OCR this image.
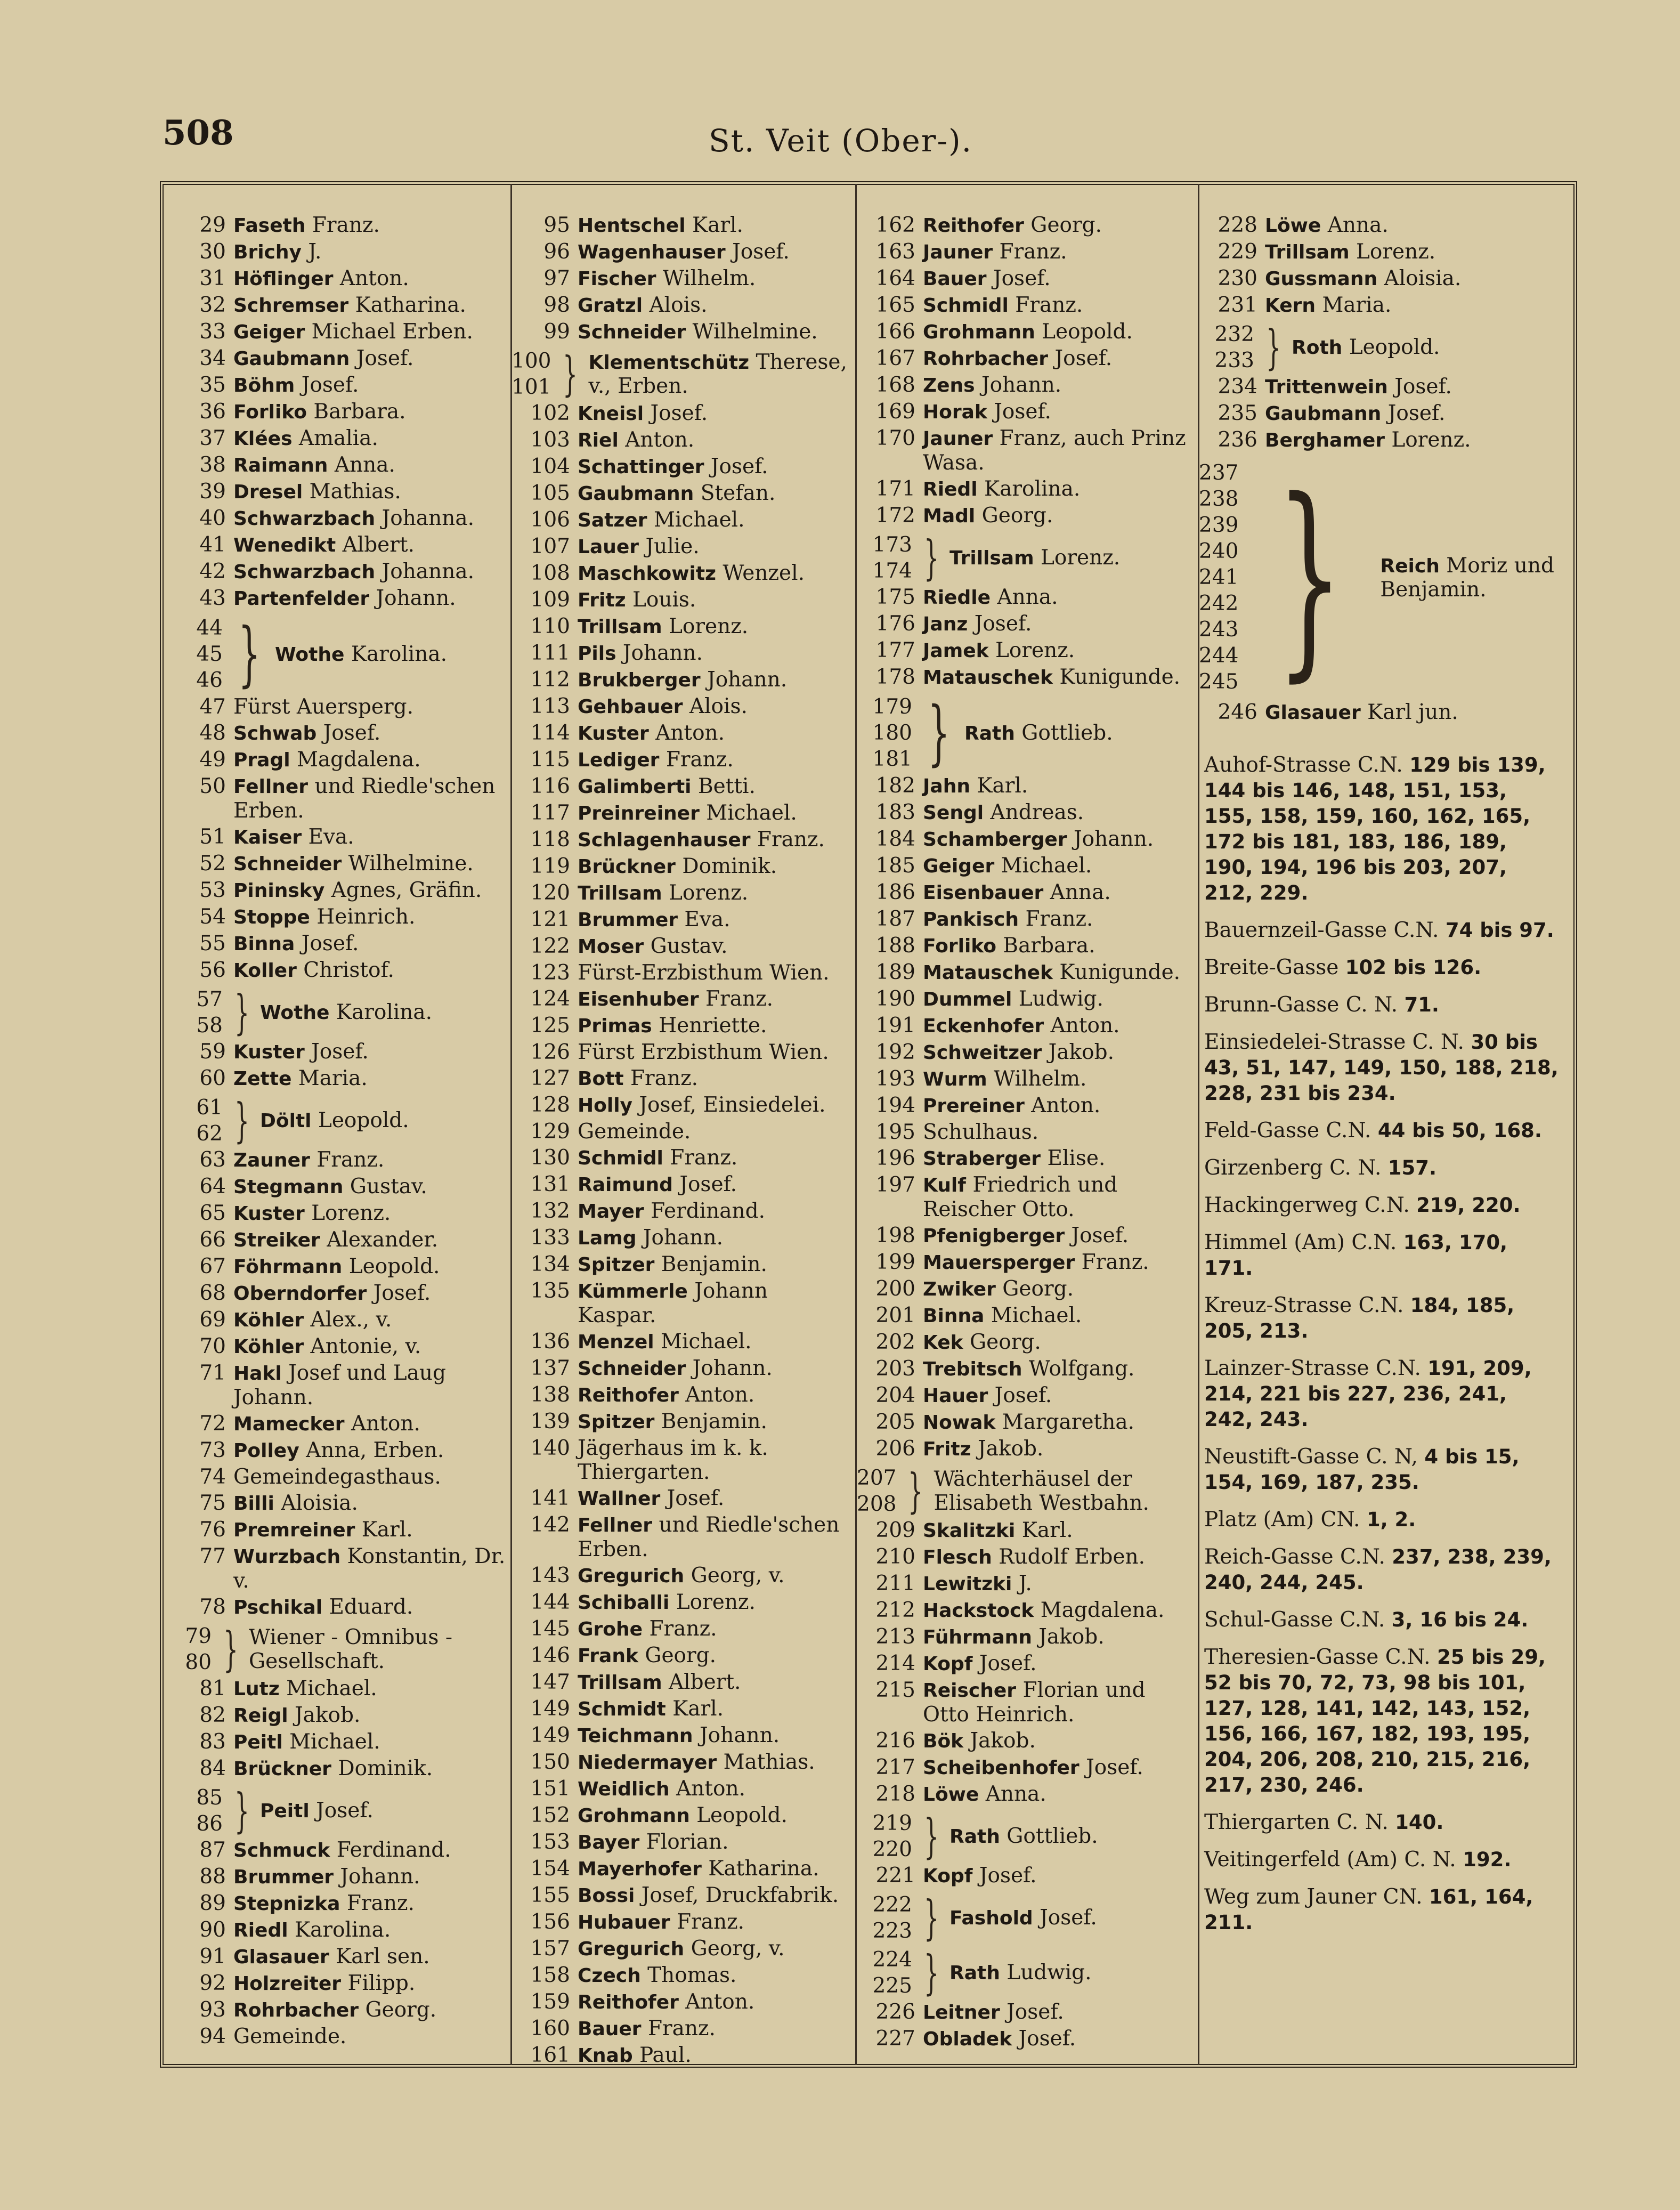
508	St. Veit (Ober-).
29 Faseth Franz.
30 Brichy J.
31 Höflinger Anton.
32 Schremser Katharina.
33 Geiger Michael Erben.
34 Gaubmann Josef.
35 Böhm Josef.
36 Forliko Barbara.
37 Klées Amalia.
38 Raimann Anna.
39 Dresel Mathias.
40 Schwarzbach Johanna.
41 Wenedikt Albert.
42 Schwarzbach Johanna.
43 Partenfelder Johann.
44
45
46 } Wothe Karolina.
47 Fürst Auersperg.
48 Schwab Josef.
49 Pragl Magdalena.
50 Fellner und Riedle'schen Erben.
51 Kaiser Eva.
52 Schneider Wilhelmine.
53 Pininsky Agnes, Gräfin.
54 Stoppe Heinrich.
55 Binna Josef.
56 Koller Christof.
57
58 } Wothe Karolina.
59 Kuster Josef.
60 Zette Maria.
61
62 } Döltl Leopold.
63 Zauner Franz.
64 Stegmann Gustav.
65 Kuster Lorenz.
66 Streiker Alexander.
67 Föhrmann Leopold.
68 Oberndorfer Josef.
69 Köhler Alex., v.
70 Köhler Antonie, v.
71 Hakl Josef und Laug Johann.
72 Mamecker Anton.
73 Polley Anna, Erben.
74 Gemeindegasthaus.
75 Billi Aloisia.
76 Premreiner Karl.
77 Wurzbach Konstantin, Dr. v.
78 Pschikal Eduard.
79
80 } Wiener - Omnibus - Gesellschaft.
81 Lutz Michael.
82 Reigl Jakob.
83 Peitl Michael.
84 Brückner Dominik.
85
86 } Peitl Josef.
87 Schmuck Ferdinand.
88 Brummer Johann.
89 Stepnizka Franz.
90 Riedl Karolina.
91 Glasauer Karl sen.
92 Holzreiter Filipp.
93 Rohrbacher Georg.
94 Gemeinde.
95 Hentschel Karl.
96 Wagenhauser Josef.
97 Fischer Wilhelm.
98 Gratzl Alois.
99 Schneider Wilhelmine.
100
101 } Klementschütz Therese, v., Erben.
102 Kneisl Josef.
103 Riel Anton.
104 Schattinger Josef.
105 Gaubmann Stefan.
106 Satzer Michael.
107 Lauer Julie.
108 Maschkowitz Wenzel.
109 Fritz Louis.
110 Trillsam Lorenz.
111 Pils Johann.
112 Brukberger Johann.
113 Gehbauer Alois.
114 Kuster Anton.
115 Lediger Franz.
116 Galimberti Betti.
117 Preinreiner Michael.
118 Schlagenhauser Franz.
119 Brückner Dominik.
120 Trillsam Lorenz.
121 Brummer Eva.
122 Moser Gustav.
123 Fürst-Erzbisthum Wien.
124 Eisenhuber Franz.
125 Primas Henriette.
126 Fürst Erzbisthum Wien.
127 Bott Franz.
128 Holly Josef, Einsiedelei.
129 Gemeinde.
130 Schmidl Franz.
131 Raimund Josef.
132 Mayer Ferdinand.
133 Lamg Johann.
134 Spitzer Benjamin.
135 Kümmerle Johann Kaspar.
136 Menzel Michael.
137 Schneider Johann.
138 Reithofer Anton.
139 Spitzer Benjamin.
140 Jägerhaus im k. k. Thiergarten.
141 Wallner Josef.
142 Fellner und Riedle'schen Erben.
143 Gregurich Georg, v.
144 Schiballi Lorenz.
145 Grohe Franz.
146 Frank Georg.
147 Trillsam Albert.
149 Schmidt Karl.
149 Teichmann Johann.
150 Niedermayer Mathias.
151 Weidlich Anton.
152 Grohmann Leopold.
153 Bayer Florian.
154 Mayerhofer Katharina.
155 Bossi Josef, Druckfabrik.
156 Hubauer Franz.
157 Gregurich Georg, v.
158 Czech Thomas.
159 Reithofer Anton.
160 Bauer Franz.
161 Knab Paul.
162 Reithofer Georg.
163 Jauner Franz.
164 Bauer Josef.
165 Schmidl Franz.
166 Grohmann Leopold.
167 Rohrbacher Josef.
168 Zens Johann.
169 Horak Josef.
170 Jauner Franz, auch Prinz Wasa.
171 Riedl Karolina.
172 Madl Georg.
173
174 } Trillsam Lorenz.
175 Riedle Anna.
176 Janz Josef.
177 Jamek Lorenz.
178 Matauschek Kunigunde.
179
180
181 } Rath Gottlieb.
182 Jahn Karl.
183 Sengl Andreas.
184 Schamberger Johann.
185 Geiger Michael.
186 Eisenbauer Anna.
187 Pankisch Franz.
188 Forliko Barbara.
189 Matauschek Kunigunde.
190 Dummel Ludwig.
191 Eckenhofer Anton.
192 Schweitzer Jakob.
193 Wurm Wilhelm.
194 Prereiner Anton.
195 Schulhaus.
196 Straberger Elise.
197 Kulf Friedrich und Reischer Otto.
198 Pfenigberger Josef.
199 Mauersperger Franz.
200 Zwiker Georg.
201 Binna Michael.
202 Kek Georg.
203 Trebitsch Wolfgang.
204 Hauer Josef.
205 Nowak Margaretha.
206 Fritz Jakob.
207
208 } Wächterhäusel der Elisabeth Westbahn.
209 Skalitzki Karl.
210 Flesch Rudolf Erben.
211 Lewitzki J.
212 Hackstock Magdalena.
213 Führmann Jakob.
214 Kopf Josef.
215 Reischer Florian und Otto Heinrich.
216 Bök Jakob.
217 Scheibenhofer Josef.
218 Löwe Anna.
219
220 } Rath Gottlieb.
221 Kopf Josef.
222
223 } Fashold Josef.
224
225 } Rath Ludwig.
226 Leitner Josef.
227 Obladek Josef.
228 Löwe Anna.
229 Trillsam Lorenz.
230 Gussmann Aloisia.
231 Kern Maria.
232
233 } Roth Leopold.
234 Trittenwein Josef.
235 Gaubmann Josef.
236 Berghamer Lorenz.
237
238
239
240
241
242
243
244
245 } Reich Moriz und Benjamin.
246 Glasauer Karl jun.
Auhof-Strasse C.N. 129 bis 139, 144 bis 146, 148, 151, 153, 155, 158, 159, 160, 162, 165, 172 bis 181, 183, 186, 189, 190, 194, 196 bis 203, 207, 212, 229.
Bauernzeil-Gasse C.N. 74 bis 97.
Breite-Gasse 102 bis 126.
Brunn-Gasse C. N. 71.
Einsiedelei-Strasse C. N. 30 bis 43, 51, 147, 149, 150, 188, 218, 228, 231 bis 234.
Feld-Gasse C.N. 44 bis 50, 168.
Girzenberg C. N. 157.
Hackingerweg C.N. 219, 220.
Himmel (Am) C.N. 163, 170, 171.
Kreuz-Strasse C.N. 184, 185, 205, 213.
Lainzer-Strasse C.N. 191, 209, 214, 221 bis 227, 236, 241, 242, 243.
Neustift-Gasse C. N, 4 bis 15, 154, 169, 187, 235.
Platz (Am) CN. 1, 2.
Reich-Gasse C.N. 237, 238, 239, 240, 244, 245.
Schul-Gasse C.N. 3, 16 bis 24.
Theresien-Gasse C.N. 25 bis 29, 52 bis 70, 72, 73, 98 bis 101, 127, 128, 141, 142, 143, 152, 156, 166, 167, 182, 193, 195, 204, 206, 208, 210, 215, 216, 217, 230, 246.
Thiergarten C. N. 140.
Veitingerfeld (Am) C. N. 192.
Weg zum Jauner CN. 161, 164, 211.
